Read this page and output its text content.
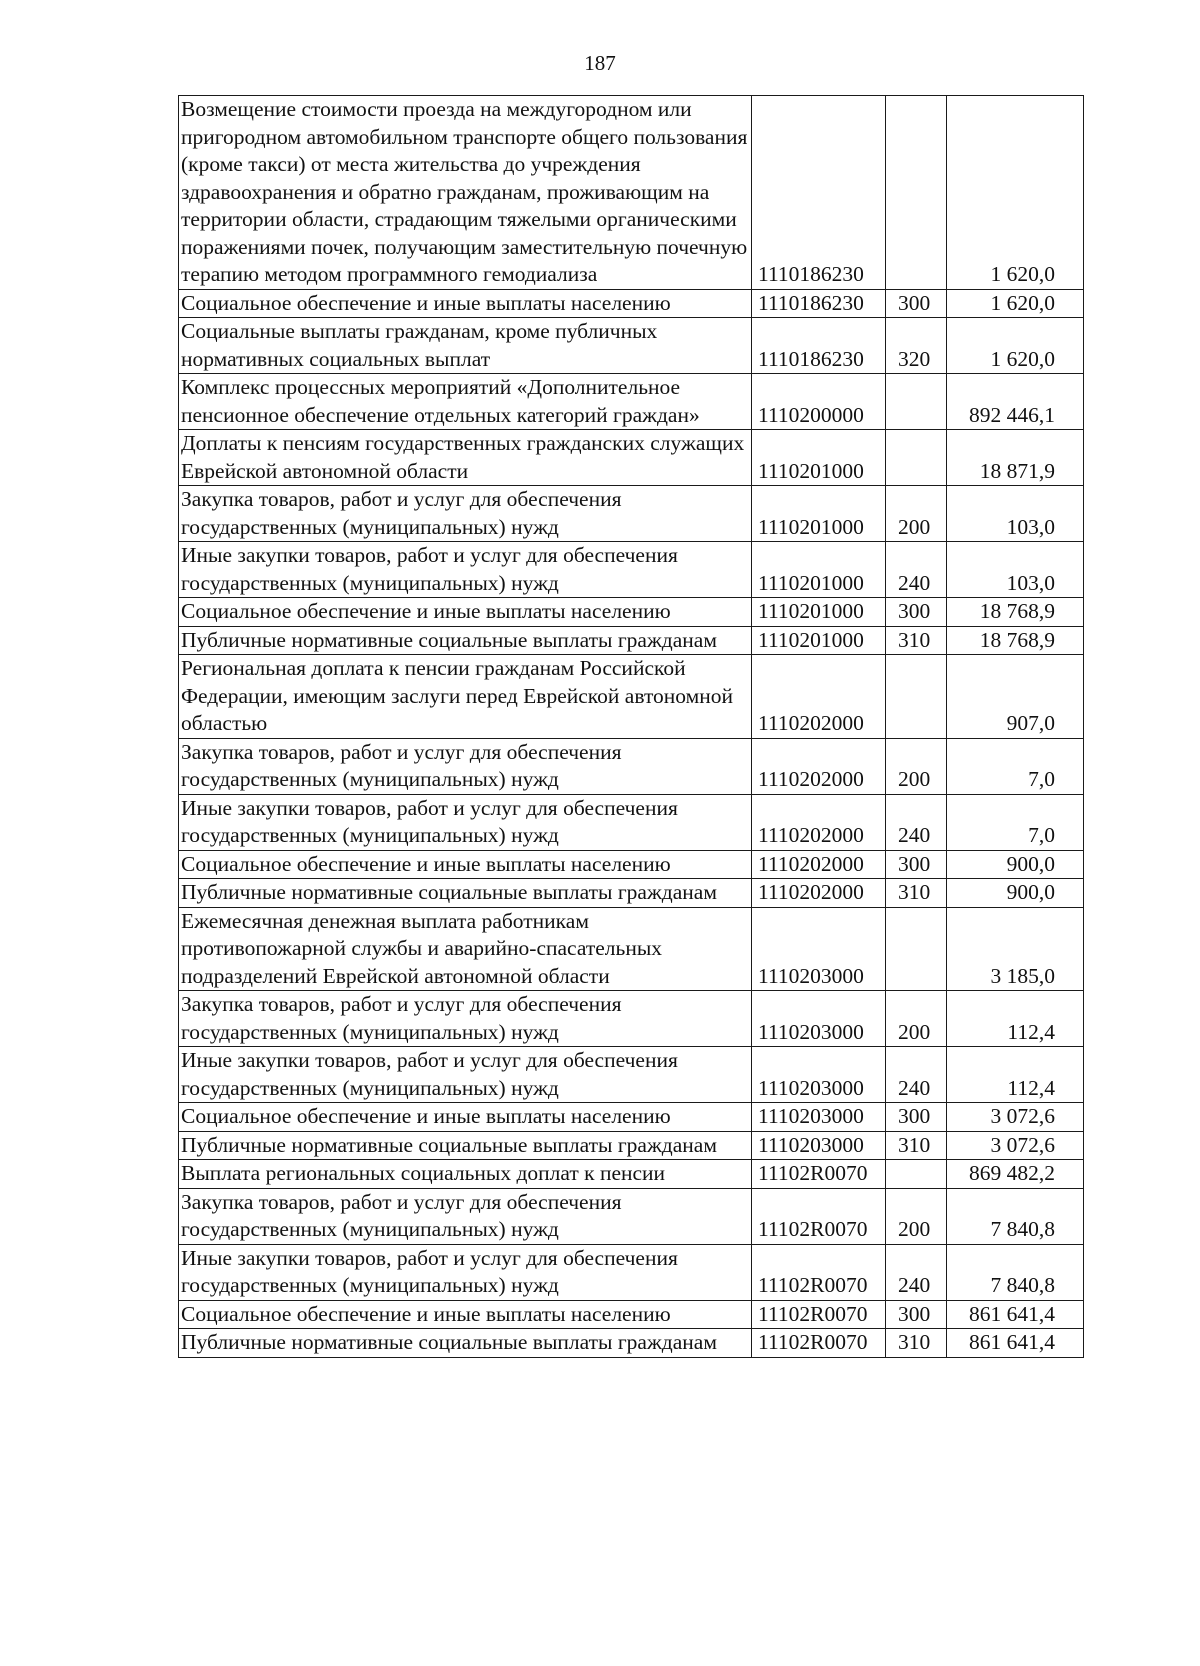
187
Возмещение стоимости проезда на междугородном или пригородном автомобильном транспорте общего пользования (кроме такси) от места жительства до учреждения здравоохранения и обратно гражданам, проживающим на территории области, страдающим тяжелыми органическими поражениями почек, получающим заместительную почечную терапию методом программного гемодиализа	1110186230		1 620,0
Социальное обеспечение и иные выплаты населению	1110186230	300	1 620,0
Социальные выплаты гражданам, кроме публичных нормативных социальных выплат	1110186230	320	1 620,0
Комплекс процессных мероприятий «Дополнительное пенсионное обеспечение отдельных категорий граждан»	1110200000		892 446,1
Доплаты к пенсиям государственных гражданских служащих Еврейской автономной области	1110201000		18 871,9
Закупка товаров, работ и услуг для обеспечения государственных (муниципальных) нужд	1110201000	200	103,0
Иные закупки товаров, работ и услуг для обеспечения государственных (муниципальных) нужд	1110201000	240	103,0
Социальное обеспечение и иные выплаты населению	1110201000	300	18 768,9
Публичные нормативные социальные выплаты гражданам	1110201000	310	18 768,9
Региональная доплата к пенсии гражданам Российской Федерации, имеющим заслуги перед Еврейской автономной областью	1110202000		907,0
Закупка товаров, работ и услуг для обеспечения государственных (муниципальных) нужд	1110202000	200	7,0
Иные закупки товаров, работ и услуг для обеспечения государственных (муниципальных) нужд	1110202000	240	7,0
Социальное обеспечение и иные выплаты населению	1110202000	300	900,0
Публичные нормативные социальные выплаты гражданам	1110202000	310	900,0
Ежемесячная денежная выплата работникам противопожарной службы и аварийно-спасательных подразделений Еврейской автономной области	1110203000		3 185,0
Закупка товаров, работ и услуг для обеспечения государственных (муниципальных) нужд	1110203000	200	112,4
Иные закупки товаров, работ и услуг для обеспечения государственных (муниципальных) нужд	1110203000	240	112,4
Социальное обеспечение и иные выплаты населению	1110203000	300	3 072,6
Публичные нормативные социальные выплаты гражданам	1110203000	310	3 072,6
Выплата региональных социальных доплат к пенсии	11102R0070		869 482,2
Закупка товаров, работ и услуг для обеспечения государственных (муниципальных) нужд	11102R0070	200	7 840,8
Иные закупки товаров, работ и услуг для обеспечения государственных (муниципальных) нужд	11102R0070	240	7 840,8
Социальное обеспечение и иные выплаты населению	11102R0070	300	861 641,4
Публичные нормативные социальные выплаты гражданам	11102R0070	310	861 641,4
